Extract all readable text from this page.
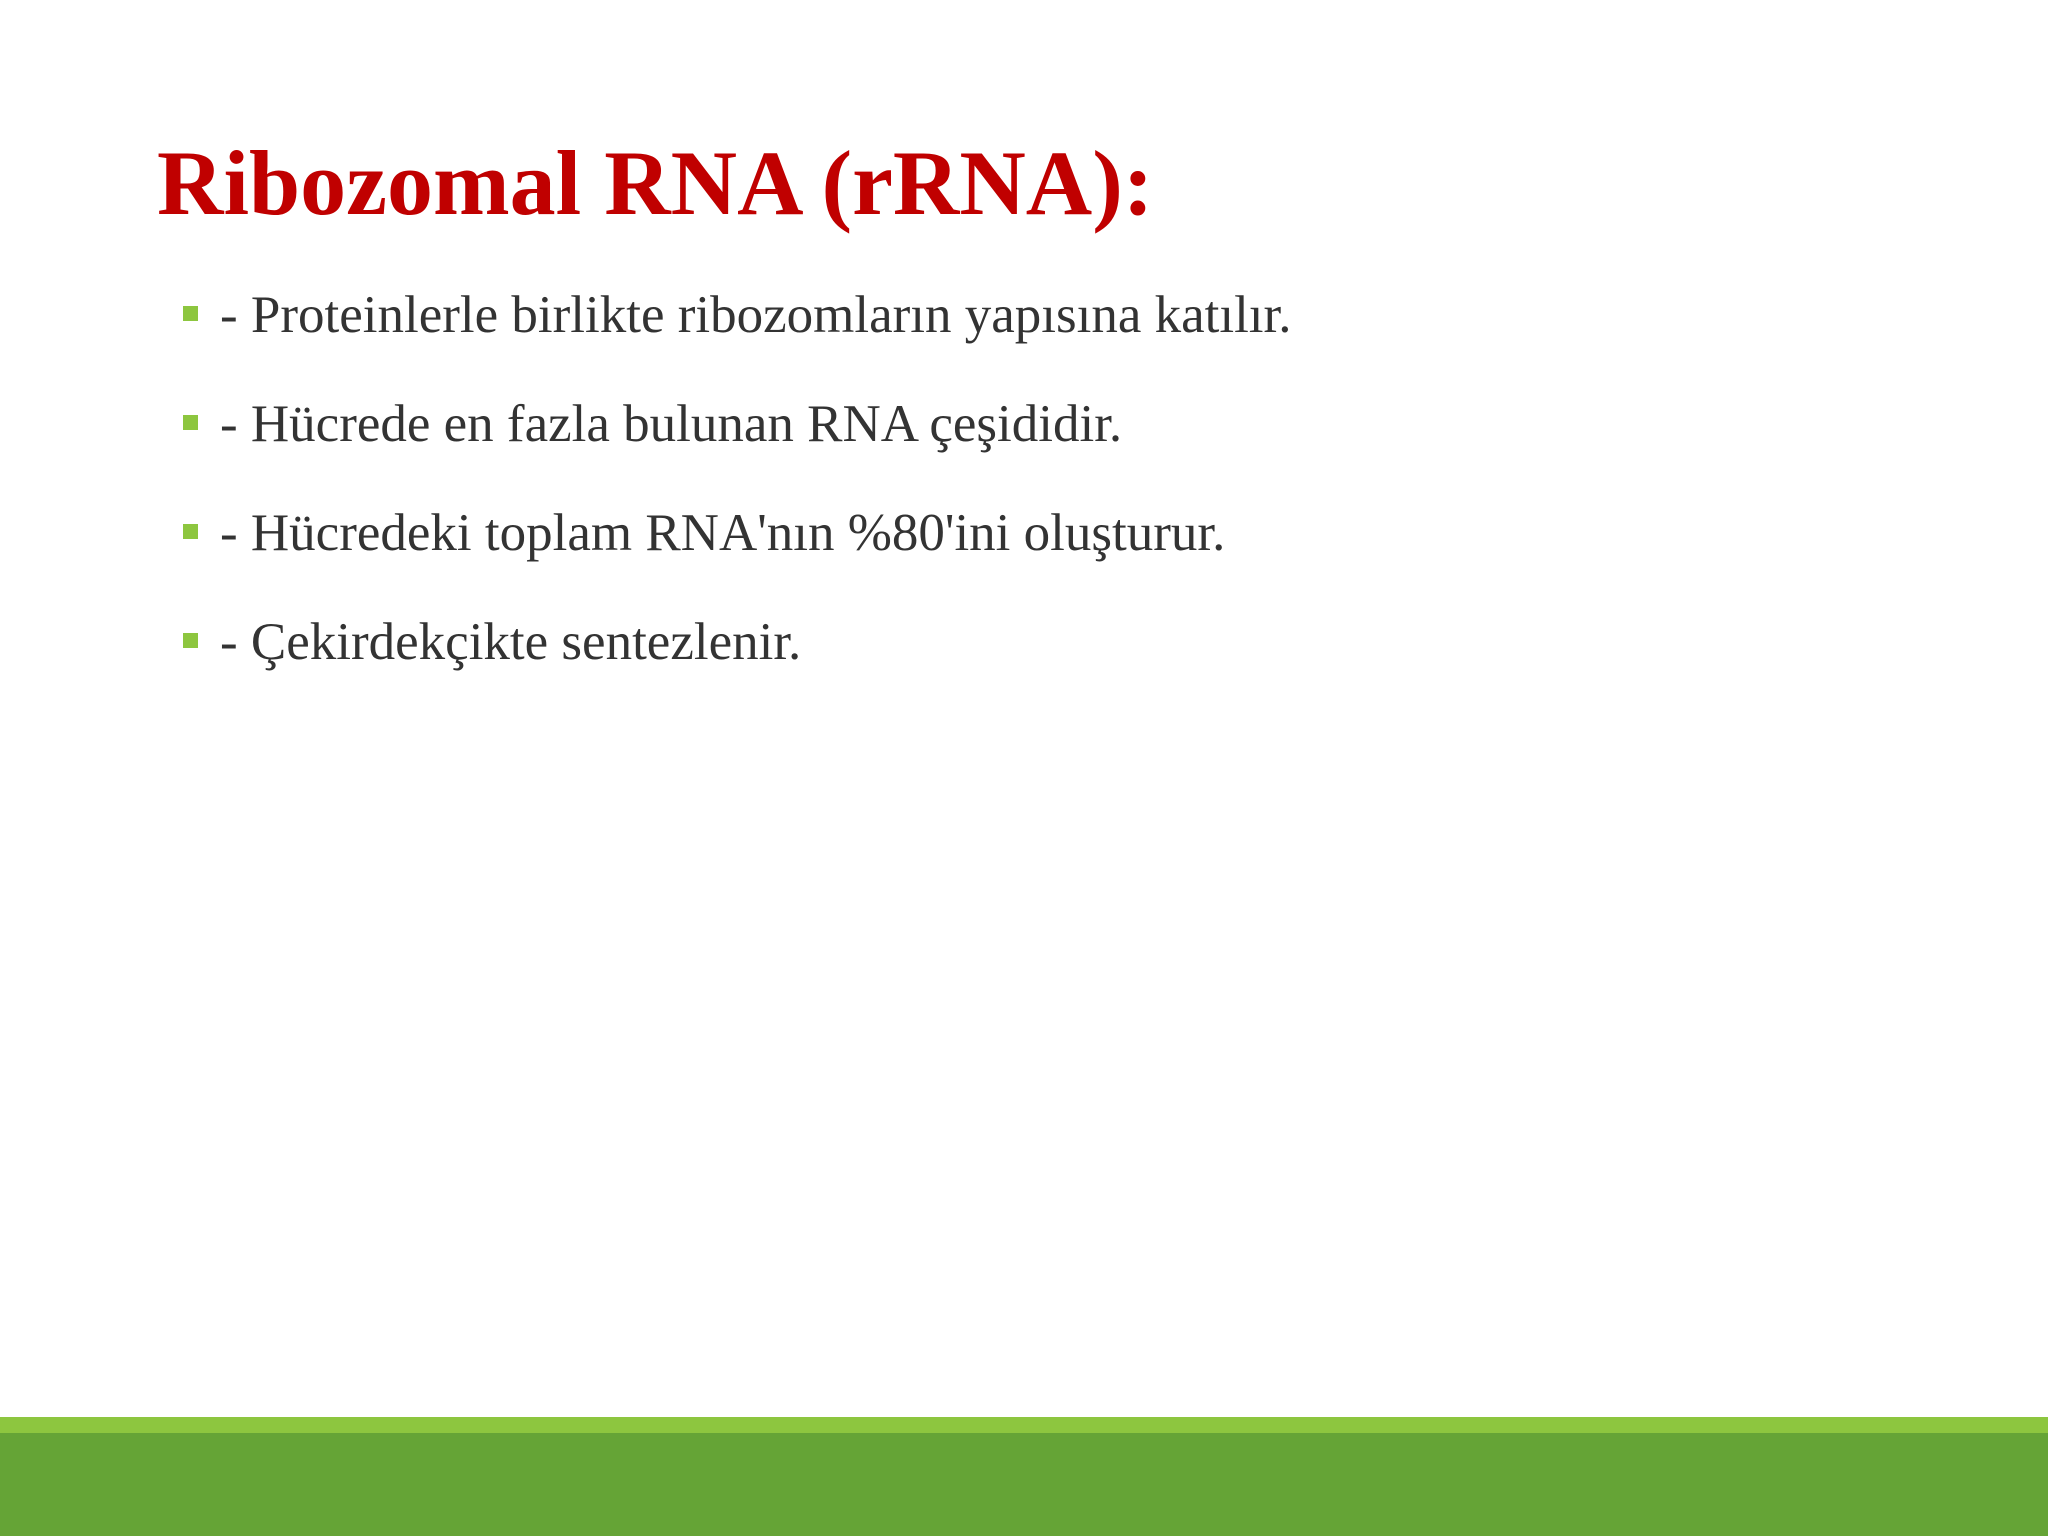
Ribozomal RNA (rRNA):
- Proteinlerle birlikte ribozomların yapısına katılır.
- Hücrede en fazla bulunan RNA çeşididir.
- Hücredeki toplam RNA'nın %80'ini oluşturur.
- Çekirdekçikte sentezlenir.
